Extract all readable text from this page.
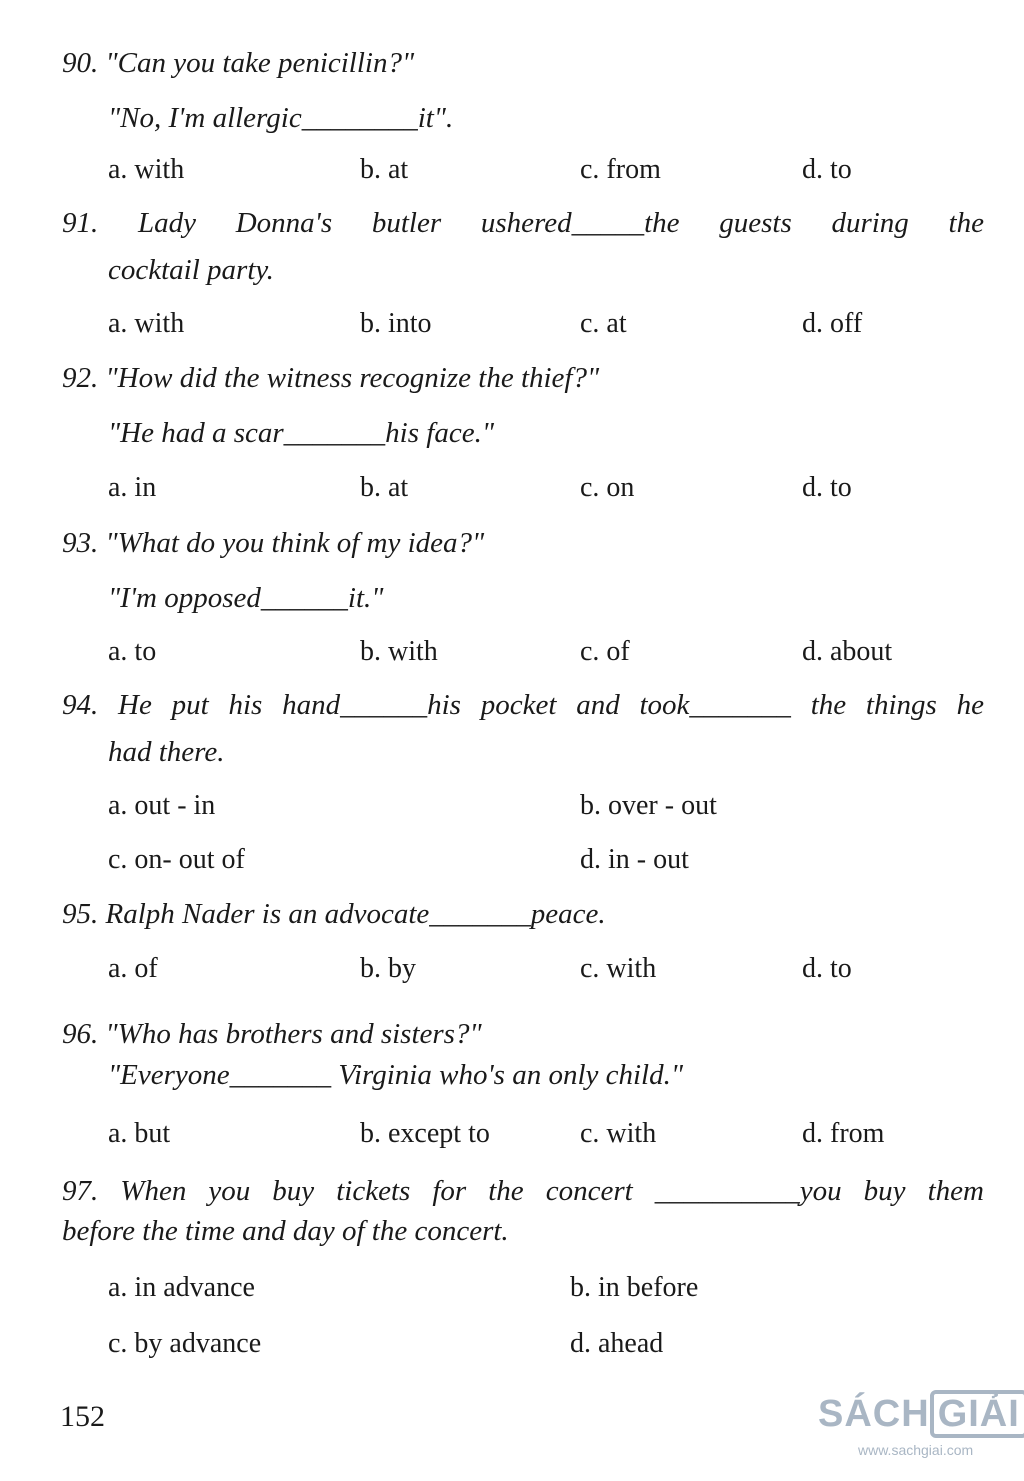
90. "Can you take penicillin?"
"No, I'm allergic________it".
a. with	b. at	c. from	d. to
91. Lady Donna's butler ushered_____the guests during the
cocktail party.
a. with	b. into	c. at	d. off
92. "How did the witness recognize the thief?"
"He had a scar_______his face."
a. in	b. at	c. on	d. to
93. "What do you think of my idea?"
"I'm opposed______it."
a. to	b. with	c. of	d. about
94. He put his hand______his pocket and took_______ the things he
had there.
a. out - in	b. over - out
c. on- out of	d. in - out
95. Ralph Nader is an advocate_______peace.
a. of	b. by	c. with	d. to
96. "Who has brothers and sisters?"
"Everyone_______ Virginia who's an only child."
a. but	b. except to	c. with	d. from
97. When you buy tickets for the concert __________you buy them
before the time and day of the concert.
a. in advance	b. in before
c. by advance	d. ahead
152	SÁCH GIẢI
www.sachgiai.com
